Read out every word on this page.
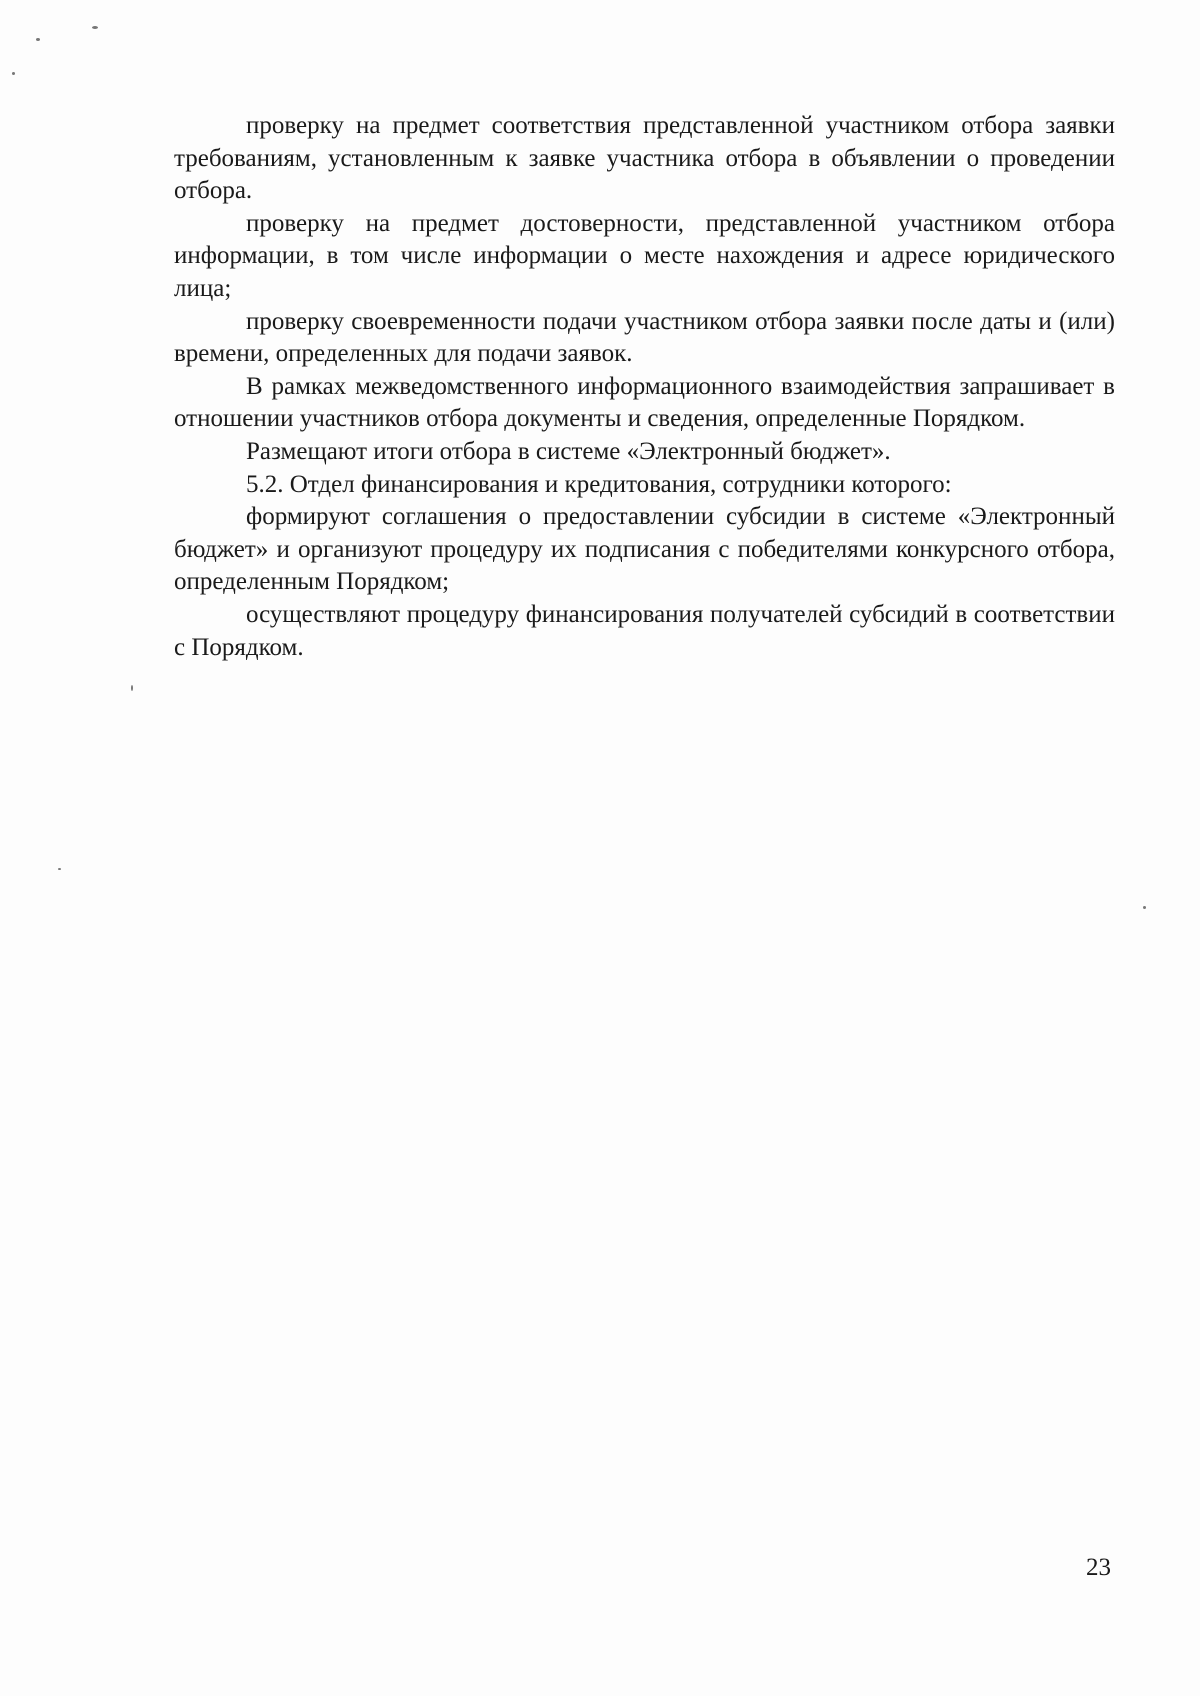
проверку на предмет соответствия представленной участником отбора заявки требованиям, установленным к заявке участника отбора в объявлении о проведении отбора.

проверку на предмет достоверности, представленной участником отбора информации, в том числе информации о месте нахождения и адресе юридического лица;

проверку своевременности подачи участником отбора заявки после даты и (или) времени, определенных для подачи заявок.

В рамках межведомственного информационного взаимодействия запрашивает в отношении участников отбора документы и сведения, определенные Порядком.

Размещают итоги отбора в системе «Электронный бюджет».

5.2. Отдел финансирования и кредитования, сотрудники которого:

формируют соглашения о предоставлении субсидии в системе «Электронный бюджет» и организуют процедуру их подписания с победителями конкурсного отбора, определенным Порядком;

осуществляют процедуру финансирования получателей субсидий в соответствии с Порядком.

23
